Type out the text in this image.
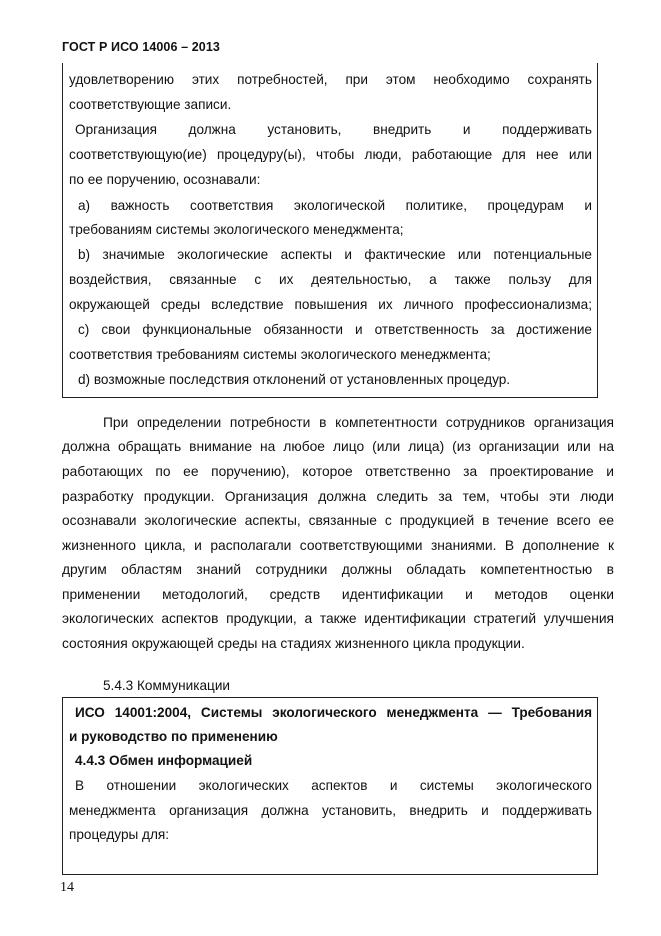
ГОСТ Р ИСО 14006 – 2013
удовлетворению этих потребностей, при этом необходимо сохранять
соответствующие записи.
Организация должна установить, внедрить и поддерживать
соответствующую(ие) процедуру(ы), чтобы люди, работающие для нее или
по ее поручению, осознавали:
a) важность соответствия экологической политике, процедурам и
требованиям системы экологического менеджмента;
b) значимые экологические аспекты и фактические или потенциальные
воздействия, связанные с их деятельностью, а также пользу для
окружающей среды вследствие повышения их личного профессионализма;
c) свои функциональные обязанности и ответственность за достижение
соответствия требованиям системы экологического менеджмента;
d) возможные последствия отклонений от установленных процедур.
При определении потребности в компетентности сотрудников организация
должна обращать внимание на любое лицо (или лица) (из организации или на
работающих по ее поручению), которое ответственно за проектирование и
разработку продукции. Организация должна следить за тем, чтобы эти люди
осознавали экологические аспекты, связанные с продукцией в течение всего ее
жизненного цикла, и располагали соответствующими знаниями. В дополнение к
другим областям знаний сотрудники должны обладать компетентностью в
применении методологий, средств идентификации и методов оценки
экологических аспектов продукции, а также идентификации стратегий улучшения
состояния окружающей среды на стадиях жизненного цикла продукции.
5.4.3 Коммуникации
ИСО 14001:2004, Системы экологического менеджмента — Требования
и руководство по применению
4.4.3 Обмен информацией
В отношении экологических аспектов и системы экологического
менеджмента организация должна установить, внедрить и поддерживать
процедуры для:
14
